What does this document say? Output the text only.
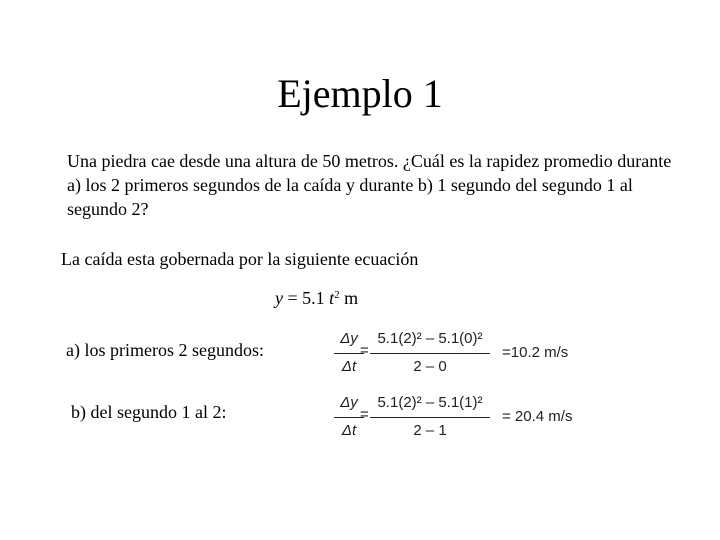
Ejemplo 1
Una piedra cae desde una altura de 50 metros. ¿Cuál es la rapidez promedio durante a) los 2 primeros segundos de la caída y durante b) 1 segundo del segundo 1 al segundo 2?
La caída esta gobernada por la siguiente ecuación
y = 5.1 $t^2$ m
a) los primeros 2 segundos:
Δy
Δt
=
5.1(2)² – 5.1(0)²
2 – 0
=10.2 m/s
b) del segundo 1 al 2:	Δy
Δt
=
5.1(2)² – 5.1(1)²
2 – 1
= 20.4 m/s
